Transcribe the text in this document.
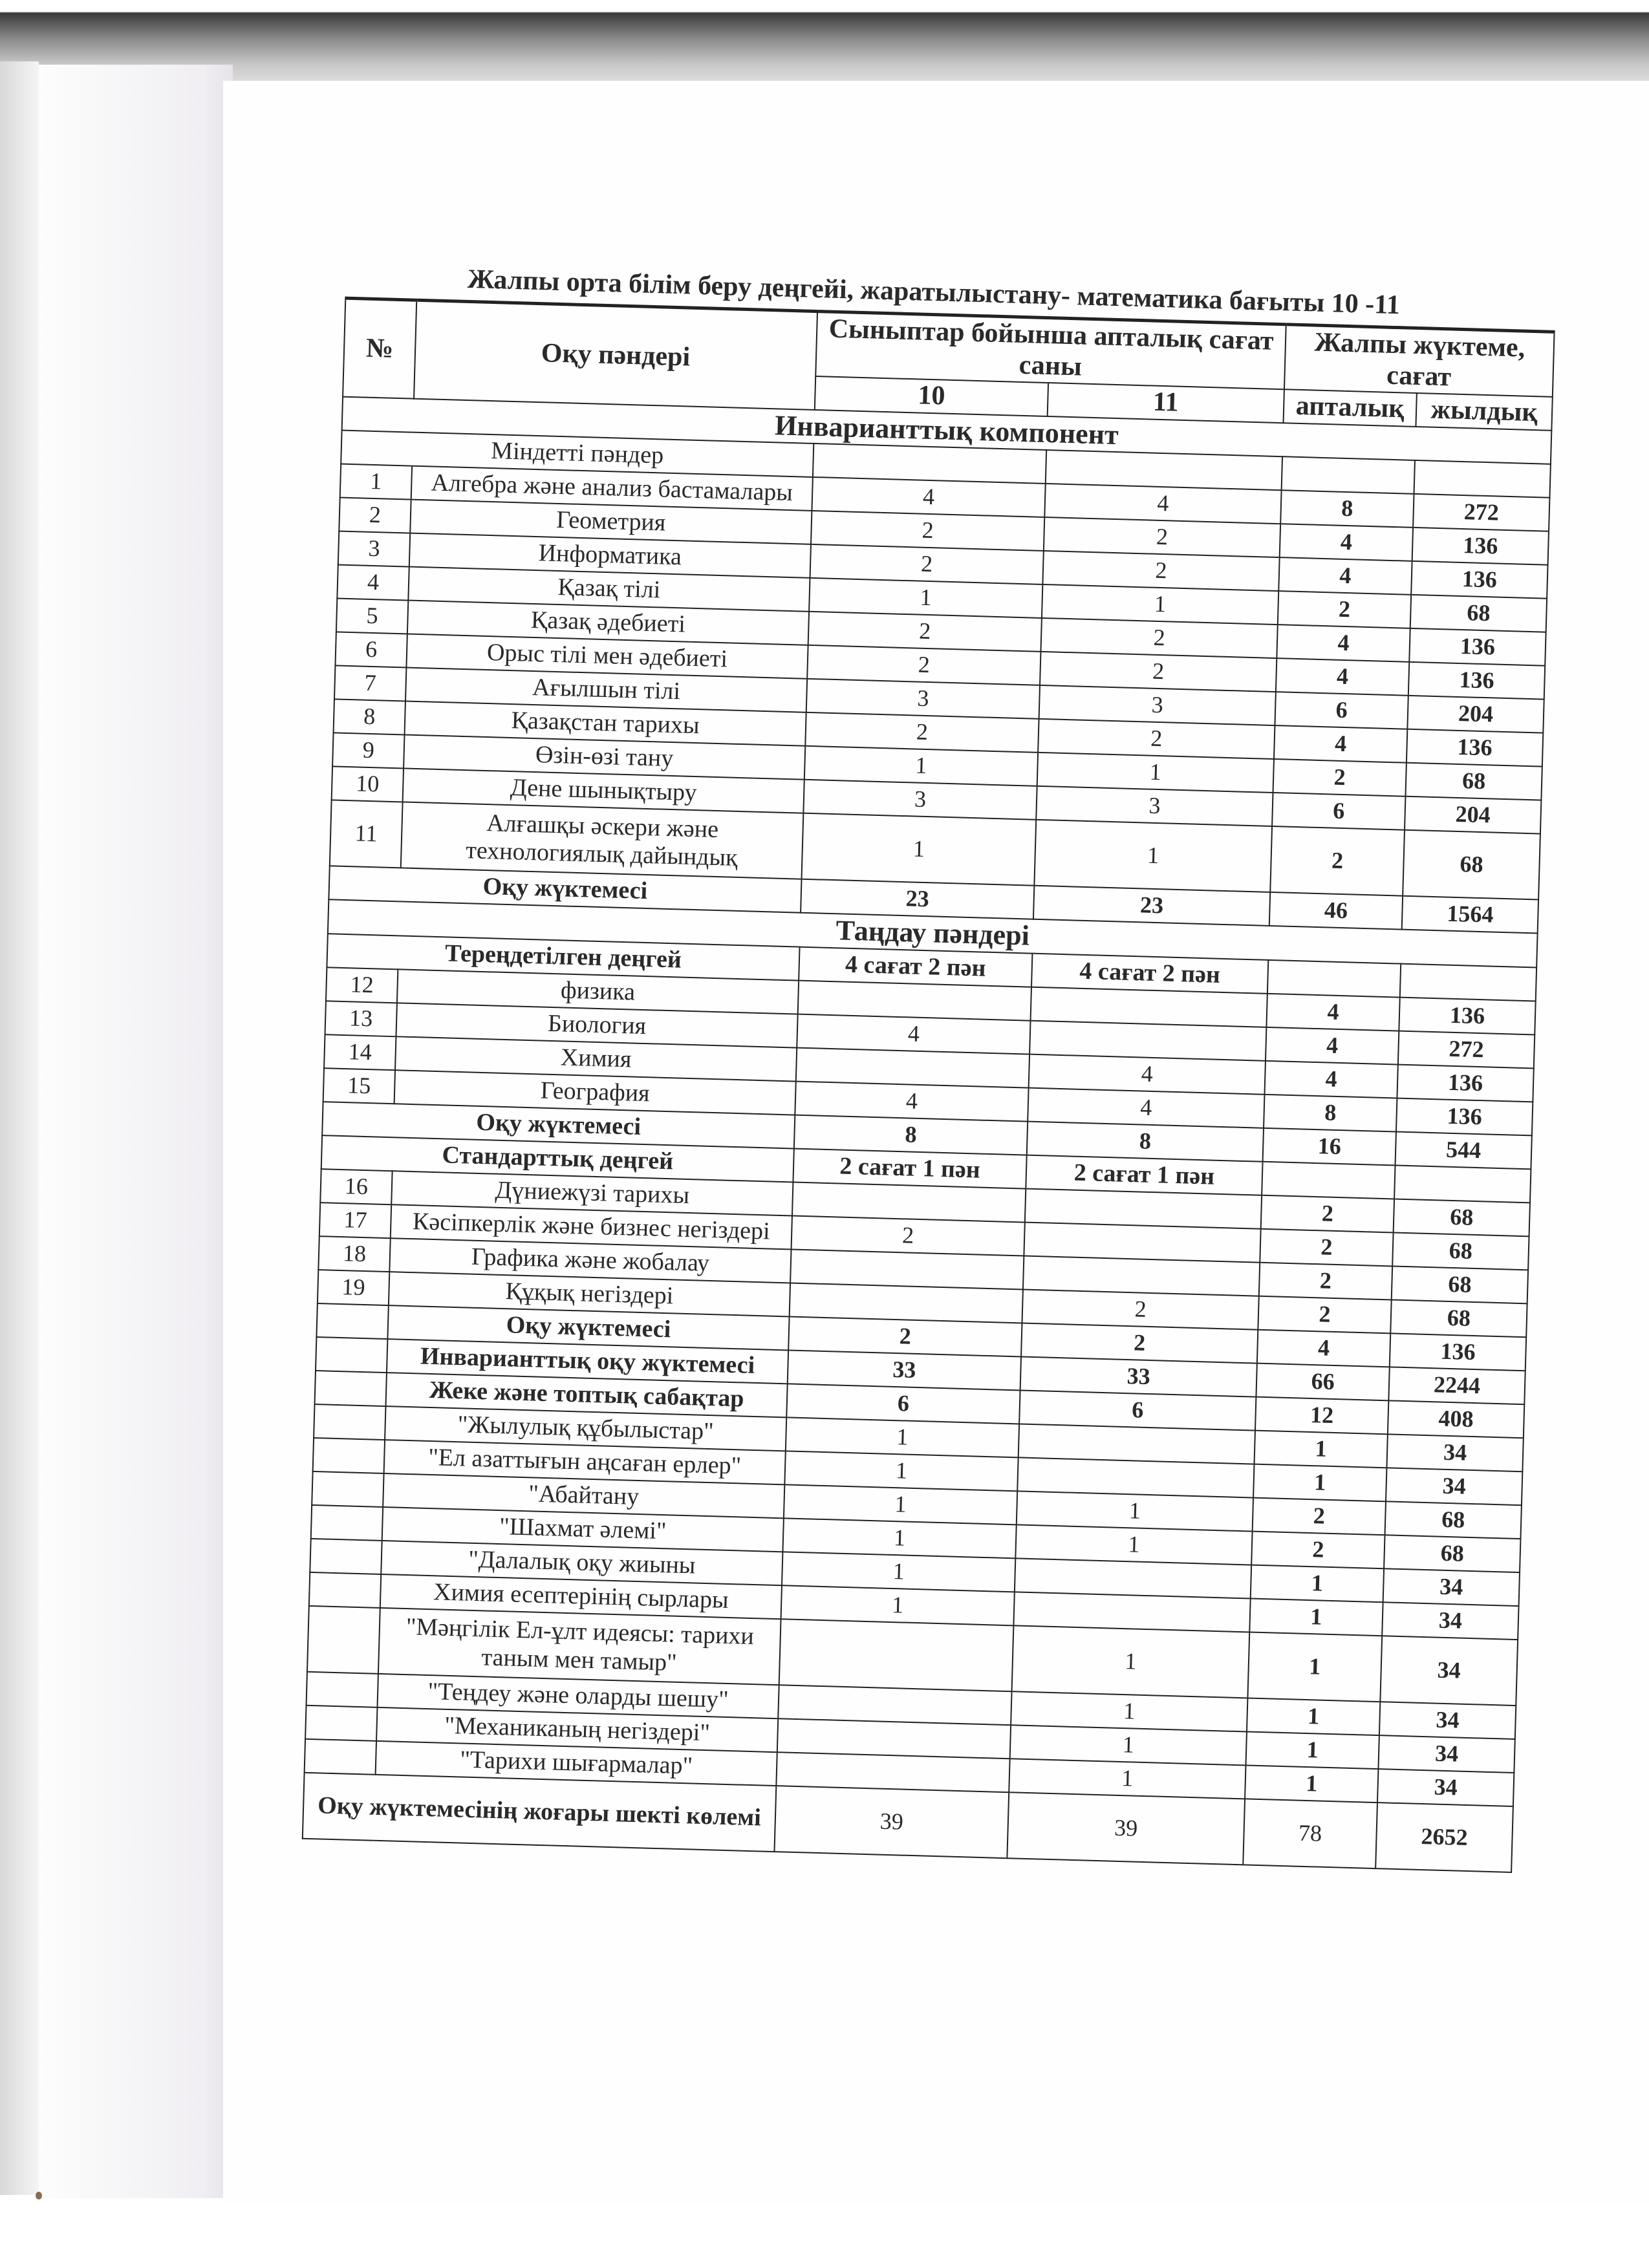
Жалпы орта білім беру деңгейі, жаратылыстану- математика бағыты 10 -11
№	Оқу пәндері	Сыныптар бойынша апталық сағат саны		Жалпы жүктеме, сағат	
		10	11	апталық	жылдық
Инварианттық компонент					
Міндетті пәндер					
1	Алгебра және анализ бастамалары	4	4	8	272
2	Геометрия	2	2	4	136
3	Информатика	2	2	4	136
4	Қазақ тілі	1	1	2	68
5	Қазақ әдебиеті	2	2	4	136
6	Орыс тілі мен әдебиеті	2	2	4	136
7	Ағылшын тілі	3	3	6	204
8	Қазақстан тарихы	2	2	4	136
9	Өзін-өзі тану	1	1	2	68
10	Дене шынықтыру	3	3	6	204
11	Алғашқы әскери және технологиялық дайындық	1	1	2	68
Оқу жүктемесі		23	23	46	1564
Таңдау пәндері					
Тереңдетілген деңгей		4 сағат 2 пән	4 сағат 2 пән		
12	физика			4	136
13	Биология	4		4	272
14	Химия		4	4	136
15	География	4	4	8	136
Оқу жүктемесі		8	8	16	544
Стандарттық деңгей		2 сағат 1 пән	2 сағат 1 пән		
16	Дүниежүзі тарихы			2	68
17	Кәсіпкерлік және бизнес негіздері	2		2	68
18	Графика және жобалау			2	68
19	Құқық негіздері		2	2	68
	Оқу жүктемесі	2	2	4	136
	Инварианттық оқу жүктемесі	33	33	66	2244
	Жеке және топтық сабақтар	6	6	12	408
	"Жылулық құбылыстар"	1		1	34
	"Ел азаттығын аңсаған ерлер"	1		1	34
	"Абайтану	1	1	2	68
	"Шахмат әлемі"	1	1	2	68
	"Далалық оқу жиыны	1		1	34
	Химия есептерінің сырлары	1		1	34
	"Мәңгілік Ел-ұлт идеясы: тарихи таным мен тамыр"		1	1	34
	"Теңдеу және оларды шешу"		1	1	34
	"Механиканың негіздері"		1	1	34
	"Тарихи шығармалар"		1	1	34
Оқу жүктемесінің жоғары шекті көлемі		39	39	78	2652
